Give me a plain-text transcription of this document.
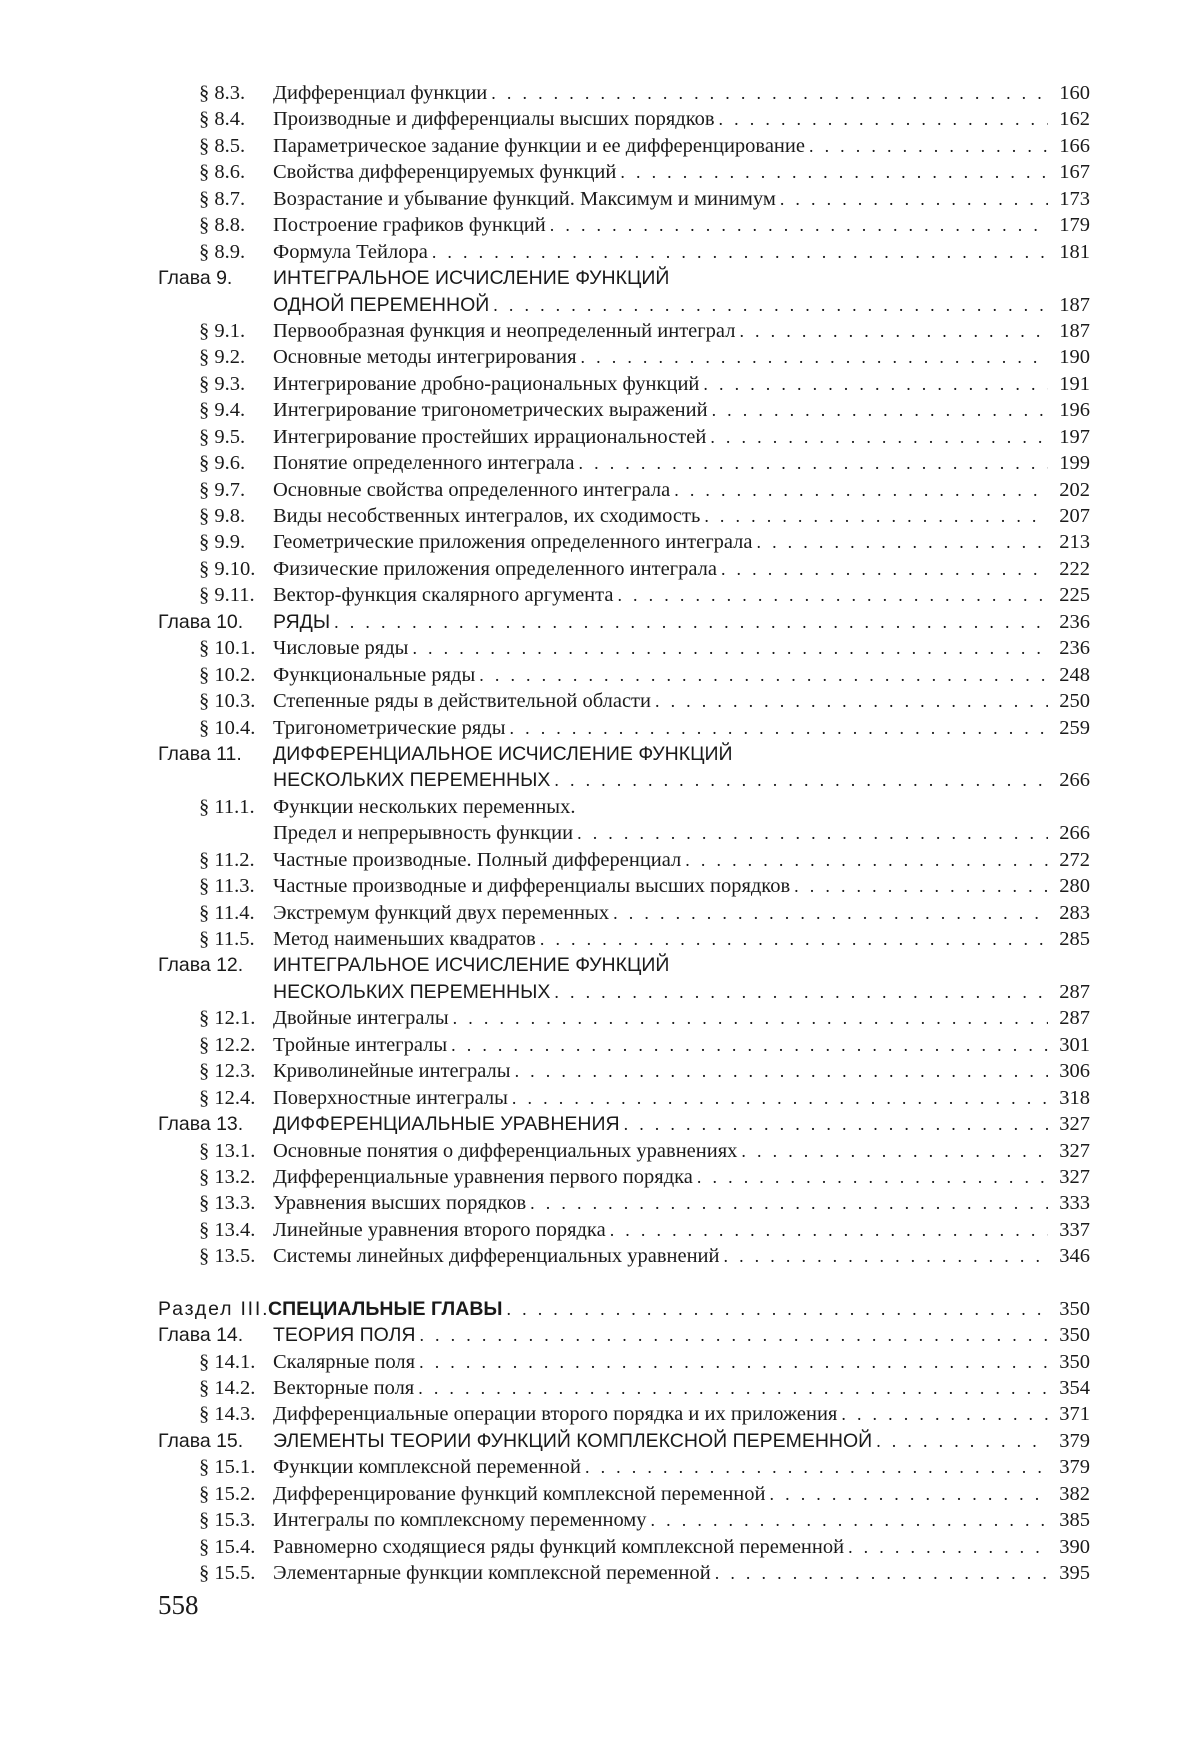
§ 8.3. Дифференциал функции . . .	160
§ 8.4. Производные и дифференциалы высших порядков . . .	162
§ 8.5. Параметрическое задание функции и ее дифференцирование . . .	166
§ 8.6. Свойства дифференцируемых функций . . .	167
§ 8.7. Возрастание и убывание функций. Максимум и минимум . . .	173
§ 8.8. Построение графиков функций . . .	179
§ 8.9. Формула Тейлора . . .	181
Глава 9. ИНТЕГРАЛЬНОЕ ИСЧИСЛЕНИЕ ФУНКЦИЙ
ОДНОЙ ПЕРЕМЕННОЙ . . .	187
§ 9.1. Первообразная функция и неопределенный интеграл . . .	187
§ 9.2. Основные методы интегрирования . . .	190
§ 9.3. Интегрирование дробно-рациональных функций . . .	191
§ 9.4. Интегрирование тригонометрических выражений . . .	196
§ 9.5. Интегрирование простейших иррациональностей . . .	197
§ 9.6. Понятие определенного интеграла . . .	199
§ 9.7. Основные свойства определенного интеграла . . .	202
§ 9.8. Виды несобственных интегралов, их сходимость . . .	207
§ 9.9. Геометрические приложения определенного интеграла . . .	213
§ 9.10. Физические приложения определенного интеграла . . .	222
§ 9.11. Вектор-функция скалярного аргумента . . .	225
Глава 10. РЯДЫ . . .	236
§ 10.1. Числовые ряды . . .	236
§ 10.2. Функциональные ряды . . .	248
§ 10.3. Степенные ряды в действительной области . . .	250
§ 10.4. Тригонометрические ряды . . .	259
Глава 11. ДИФФЕРЕНЦИАЛЬНОЕ ИСЧИСЛЕНИЕ ФУНКЦИЙ
НЕСКОЛЬКИХ ПЕРЕМЕННЫХ . . .	266
§ 11.1. Функции нескольких переменных.
Предел и непрерывность функции . . .	266
§ 11.2. Частные производные. Полный дифференциал . . .	272
§ 11.3. Частные производные и дифференциалы высших порядков . . .	280
§ 11.4. Экстремум функций двух переменных . . .	283
§ 11.5. Метод наименьших квадратов . . .	285
Глава 12. ИНТЕГРАЛЬНОЕ ИСЧИСЛЕНИЕ ФУНКЦИЙ
НЕСКОЛЬКИХ ПЕРЕМЕННЫХ . . .	287
§ 12.1. Двойные интегралы . . .	287
§ 12.2. Тройные интегралы . . .	301
§ 12.3. Криволинейные интегралы . . .	306
§ 12.4. Поверхностные интегралы . . .	318
Глава 13. ДИФФЕРЕНЦИАЛЬНЫЕ УРАВНЕНИЯ . . .	327
§ 13.1. Основные понятия о дифференциальных уравнениях . . .	327
§ 13.2. Дифференциальные уравнения первого порядка . . .	327
§ 13.3. Уравнения высших порядков . . .	333
§ 13.4. Линейные уравнения второго порядка . . .	337
§ 13.5. Системы линейных дифференциальных уравнений . . .	346
Раздел III.
СПЕЦИАЛЬНЫЕ ГЛАВЫ . . .	350
Глава 14. ТЕОРИЯ ПОЛЯ . . .	350
§ 14.1. Скалярные поля . . .	350
§ 14.2. Векторные поля . . .	354
§ 14.3. Дифференциальные операции второго порядка и их приложения . . .	371
Глава 15. ЭЛЕМЕНТЫ ТЕОРИИ ФУНКЦИЙ КОМПЛЕКСНОЙ ПЕРЕМЕННОЙ . . .	379
§ 15.1. Функции комплексной переменной . . .	379
§ 15.2. Дифференцирование функций комплексной переменной . . .	382
§ 15.3. Интегралы по комплексному переменному . . .	385
§ 15.4. Равномерно сходящиеся ряды функций комплексной переменной . . .	390
§ 15.5. Элементарные функции комплексной переменной . . .	395
558
